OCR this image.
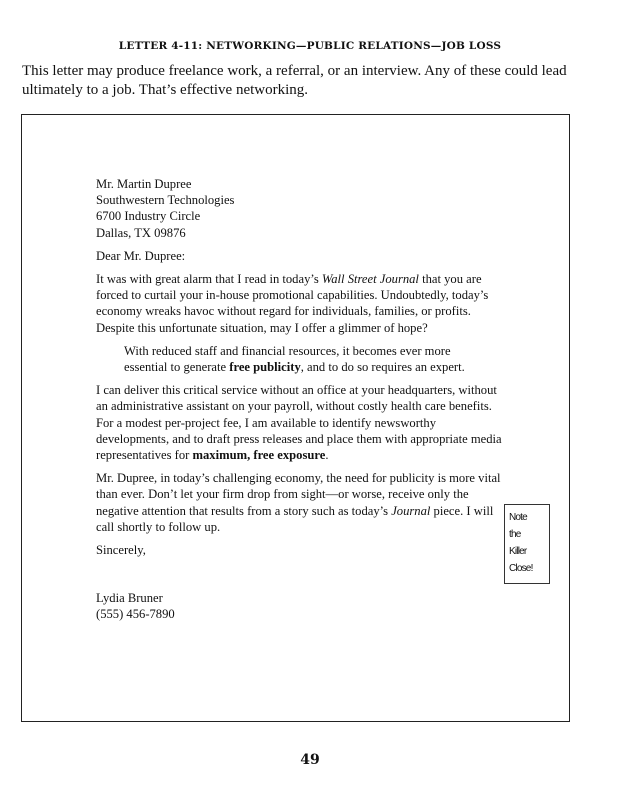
LETTER 4-11: NETWORKING—PUBLIC RELATIONS—JOB LOSS
This letter may produce freelance work, a referral, or an interview. Any of these could lead ultimately to a job. That’s effective networking.

Mr. Martin Dupree
Southwestern Technologies
6700 Industry Circle
Dallas, TX 09876

Dear Mr. Dupree:

It was with great alarm that I read in today’s Wall Street Journal that you are forced to curtail your in-house promotional capabilities. Undoubtedly, today’s economy wreaks havoc without regard for individuals, families, or profits. Despite this unfortunate situation, may I offer a glimmer of hope?

With reduced staff and financial resources, it becomes ever more essential to generate free publicity, and to do so requires an expert.

I can deliver this critical service without an office at your headquarters, without an administrative assistant on your payroll, without costly health care benefits. For a modest per-project fee, I am available to identify newsworthy developments, and to draft press releases and place them with appropriate media representatives for maximum, free exposure.

Mr. Dupree, in today’s challenging economy, the need for publicity is more vital than ever. Don’t let your firm drop from sight—or worse, receive only the negative attention that results from a story such as today’s Journal piece. I will call shortly to follow up.

Sincerely,

Lydia Bruner

(555) 456-7890

Note
the
Killer
Close!
49
